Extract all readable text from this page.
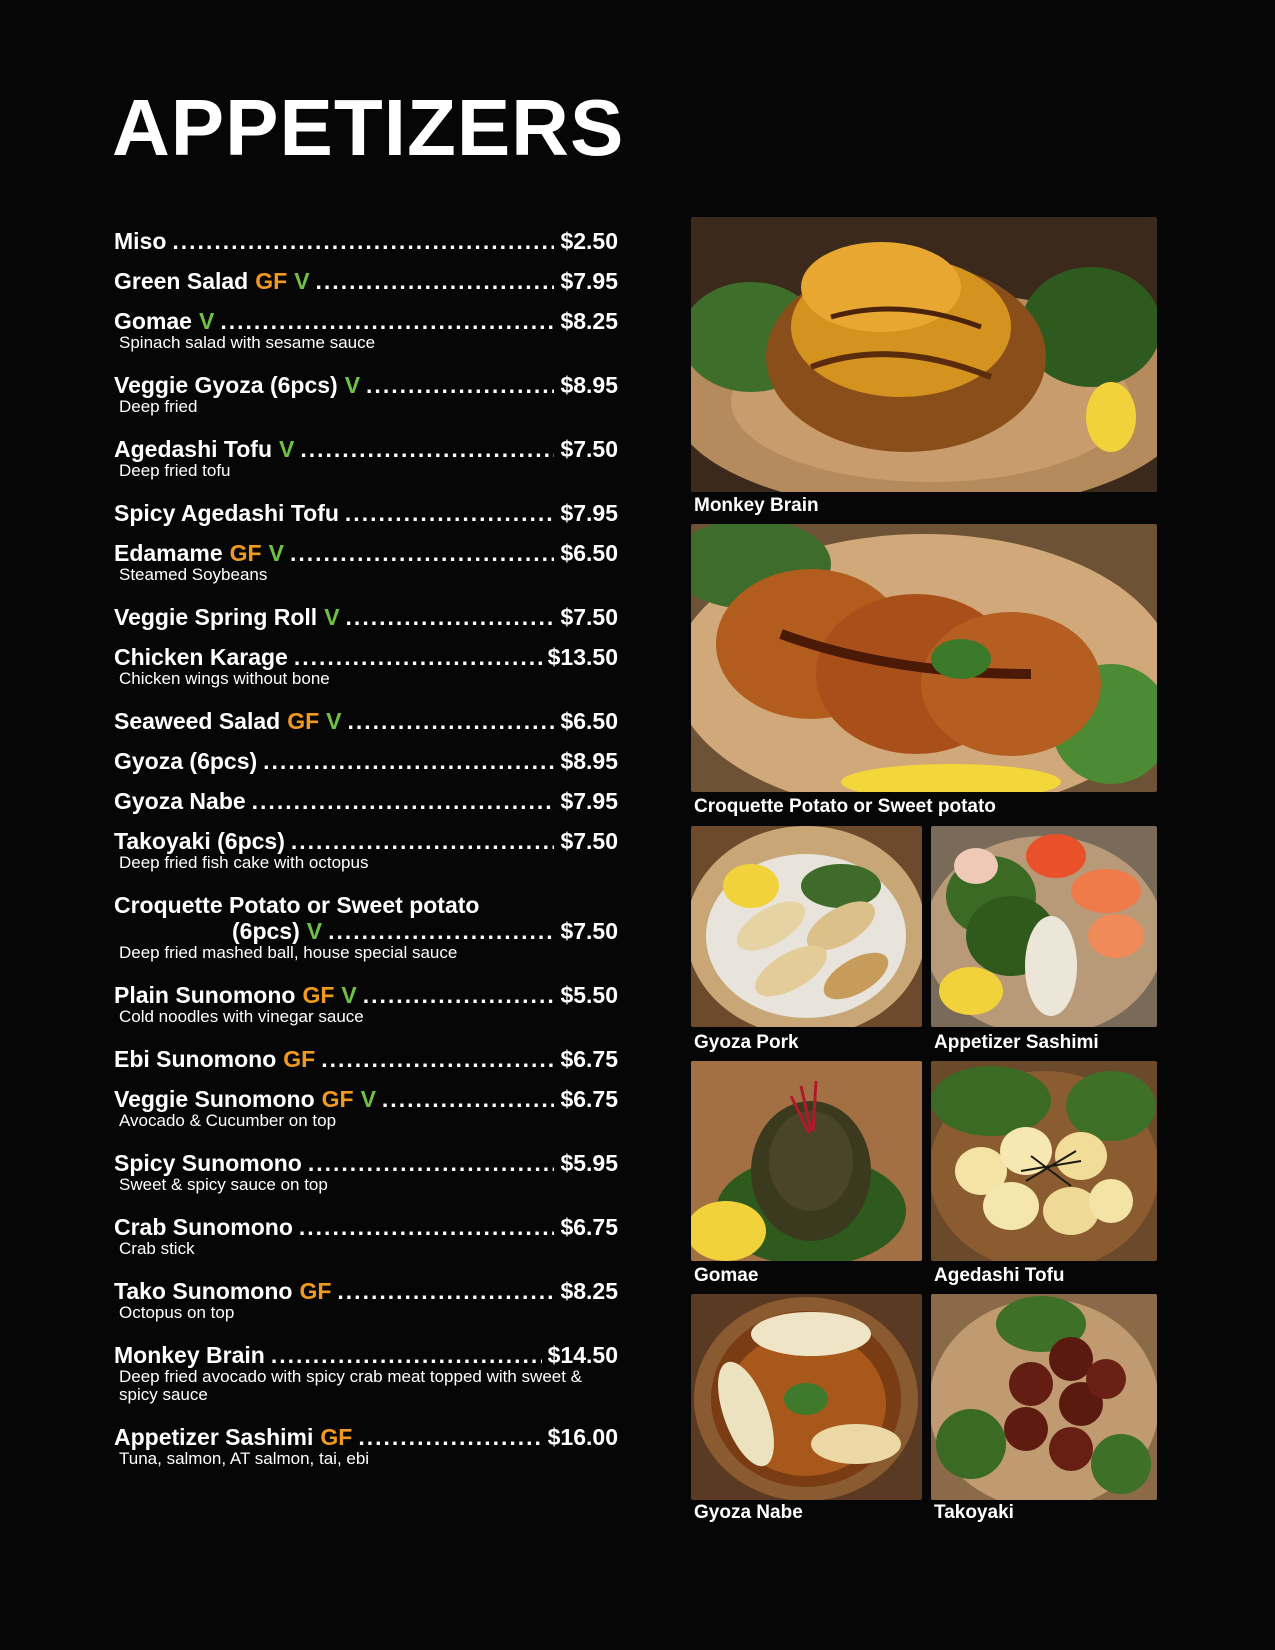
APPETIZERS
Miso .....	$2.50
Green Salad GF V .....	$7.95
Gomae V .....	$8.25
Spinach salad with sesame sauce
Veggie Gyoza (6pcs) V .....	$8.95
Deep fried
Agedashi Tofu V .....	$7.50
Deep fried tofu
Spicy Agedashi Tofu .....	$7.95
Edamame GF V .....	$6.50
Steamed Soybeans
Veggie Spring Roll V .....	$7.50
Chicken Karage .....	$13.50
Chicken wings without bone
Seaweed Salad GF V .....	$6.50
Gyoza (6pcs) .....	$8.95
Gyoza Nabe .....	$7.95
Takoyaki (6pcs) .....	$7.50
Deep fried fish cake with octopus
Croquette Potato or Sweet potato
(6pcs) V .....	$7.50
Deep fried mashed ball, house special sauce
Plain Sunomono GF V .....	$5.50
Cold noodles with vinegar sauce
Ebi Sunomono GF .....	$6.75
Veggie Sunomono GF V .....	$6.75
Avocado & Cucumber on top
Spicy Sunomono .....	$5.95
Sweet & spicy sauce on top
Crab Sunomono .....	$6.75
Crab stick
Tako Sunomono GF .....	$8.25
Octopus on top
Monkey Brain .....	$14.50
Deep fried avocado with spicy crab meat topped with sweet & spicy sauce
Appetizer Sashimi GF .....	$16.00
Tuna, salmon, AT salmon, tai, ebi
Monkey Brain
Croquette Potato or Sweet potato
Gyoza Pork	Appetizer Sashimi
Gomae	Agedashi Tofu
Gyoza Nabe	Takoyaki
